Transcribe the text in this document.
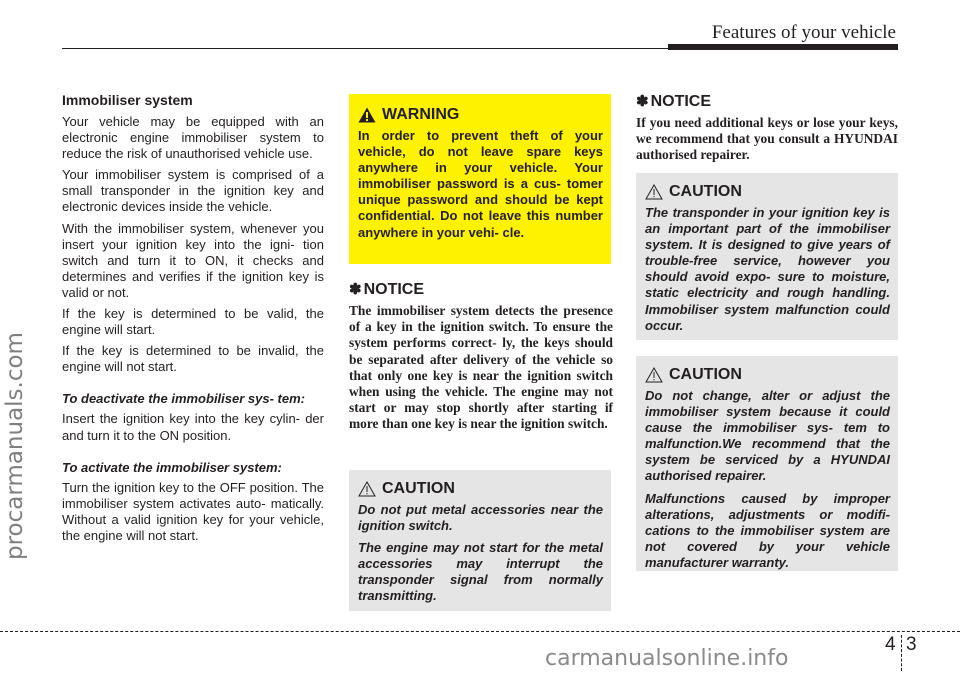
Features of your vehicle
procarmanuals.com
Immobiliser system

Your vehicle may be equipped with an electronic engine immobiliser system to reduce the risk of unauthorised vehicle use.

Your immobiliser system is comprised of a small transponder in the ignition key and electronic devices inside the vehicle.

With the immobiliser system, whenever you insert your ignition key into the igni- tion switch and turn it to ON, it checks and determines and verifies if the ignition key is valid or not.

If the key is determined to be valid, the engine will start.

If the key is determined to be invalid, the engine will not start.

To deactivate the immobiliser sys- tem:

Insert the ignition key into the key cylin- der and turn it to the ON position.

To activate the immobiliser system:

Turn the ignition key to the OFF position. The immobiliser system activates auto- matically. Without a valid ignition key for your vehicle, the engine will not start.

WARNING

In order to prevent theft of your vehicle, do not leave spare keys anywhere in your vehicle. Your immobiliser password is a cus- tomer unique password and should be kept confidential. Do not leave this number anywhere in your vehi- cle.

✽ NOTICE

The immobiliser system detects the presence of a key in the ignition switch. To ensure the system performs correct- ly, the keys should be separated after delivery of the vehicle so that only one key is near the ignition switch when using the vehicle. The engine may not start or may stop shortly after starting if more than one key is near the ignition switch.

CAUTION

Do not put metal accessories near the ignition switch.

The engine may not start for the metal accessories may interrupt the transponder signal from normally transmitting.

✽ NOTICE

If you need additional keys or lose your keys, we recommend that you consult a HYUNDAI authorised repairer.

CAUTION

The transponder in your ignition key is an important part of the immobiliser system. It is designed to give years of trouble-free service, however you should avoid expo- sure to moisture, static electricity and rough handling. Immobiliser system malfunction could occur.

CAUTION

Do not change, alter or adjust the immobiliser system because it could cause the immobiliser sys- tem to malfunction.We recommend that the system be serviced by a HYUNDAI authorised repairer.

Malfunctions caused by improper alterations, adjustments or modifi- cations to the immobiliser system are not covered by your vehicle manufacturer warranty.

4 3
carmanualsonline.info
